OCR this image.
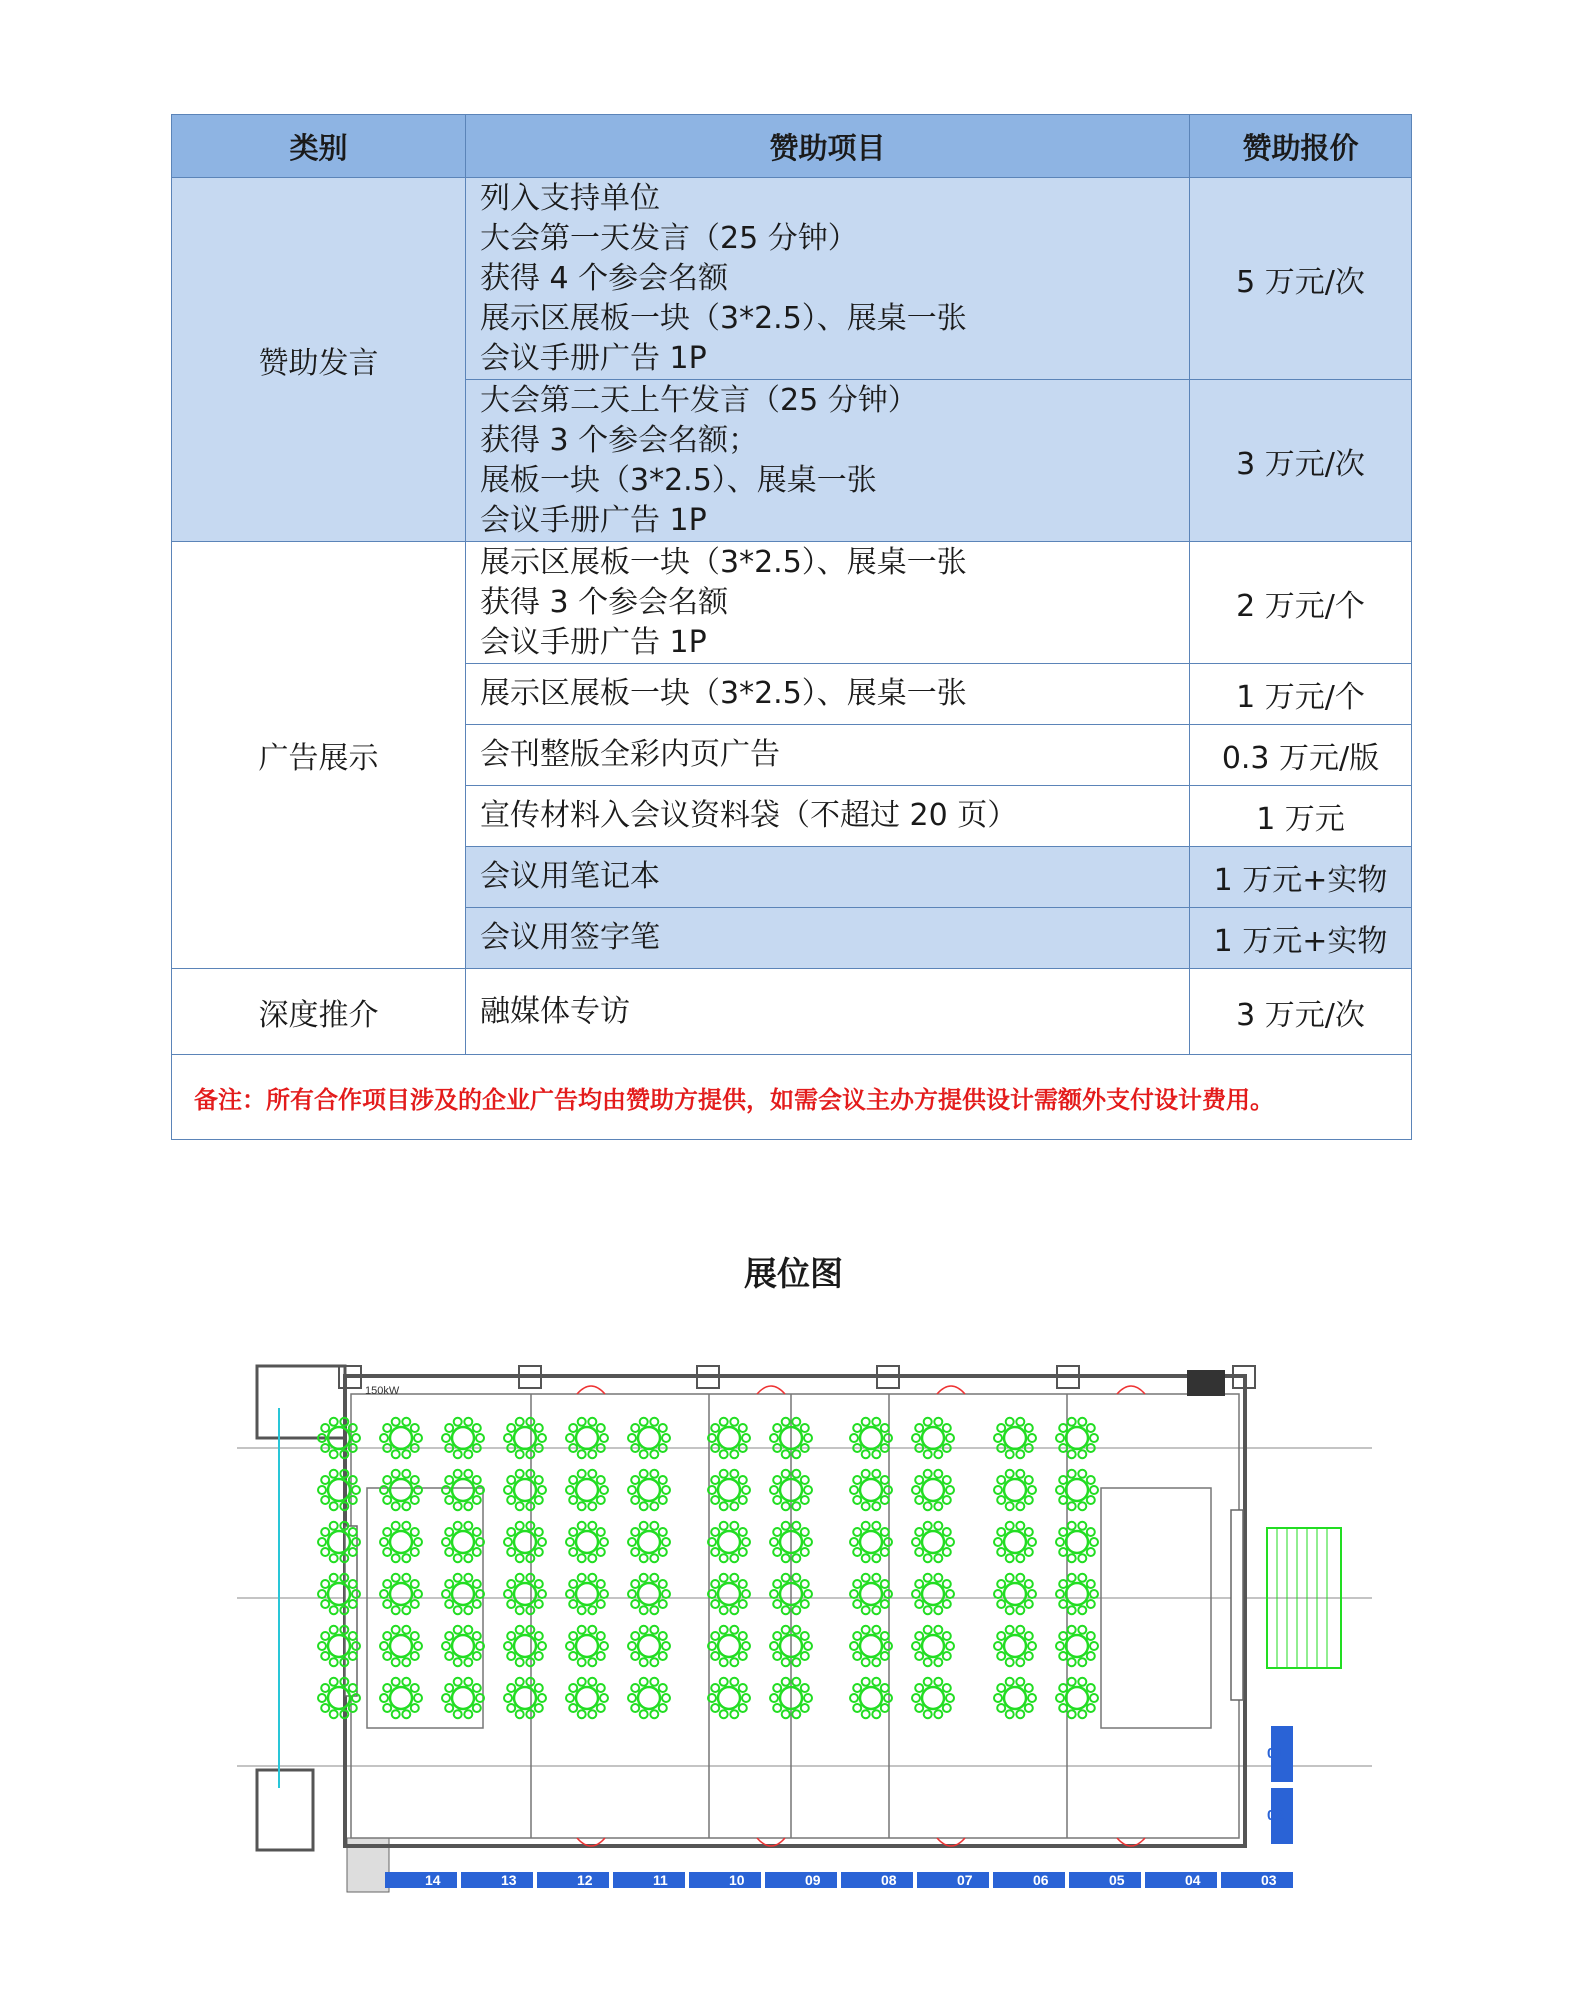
类别	赞助项目	赞助报价
赞助发言	列入支持单位
大会第一天发言（25 分钟）
获得 4 个参会名额
展示区展板一块（3*2.5）、展桌一张
会议手册广告 1P	5 万元/次

	大会第二天上午发言（25 分钟）
获得 3 个参会名额；
展板一块（3*2.5）、展桌一张
会议手册广告 1P	3 万元/次
广告展示	展示区展板一块（3*2.5）、展桌一张
获得 3 个参会名额
会议手册广告 1P	2 万元/个

	展示区展板一块（3*2.5）、展桌一张	1 万元/个

	会刊整版全彩内页广告	0.3 万元/版

	宣传材料入会议资料袋（不超过 20 页）	1 万元

	会议用笔记本	1 万元+实物

	会议用签字笔	1 万元+实物
深度推介	融媒体专访	3 万元/次
备注：所有合作项目涉及的企业广告均由赞助方提供，如需会议主办方提供设计需额外支付设计费用。		
展位图
150kW
03
04
05
06
07
08
09
10
11
12
13
14
01
02
